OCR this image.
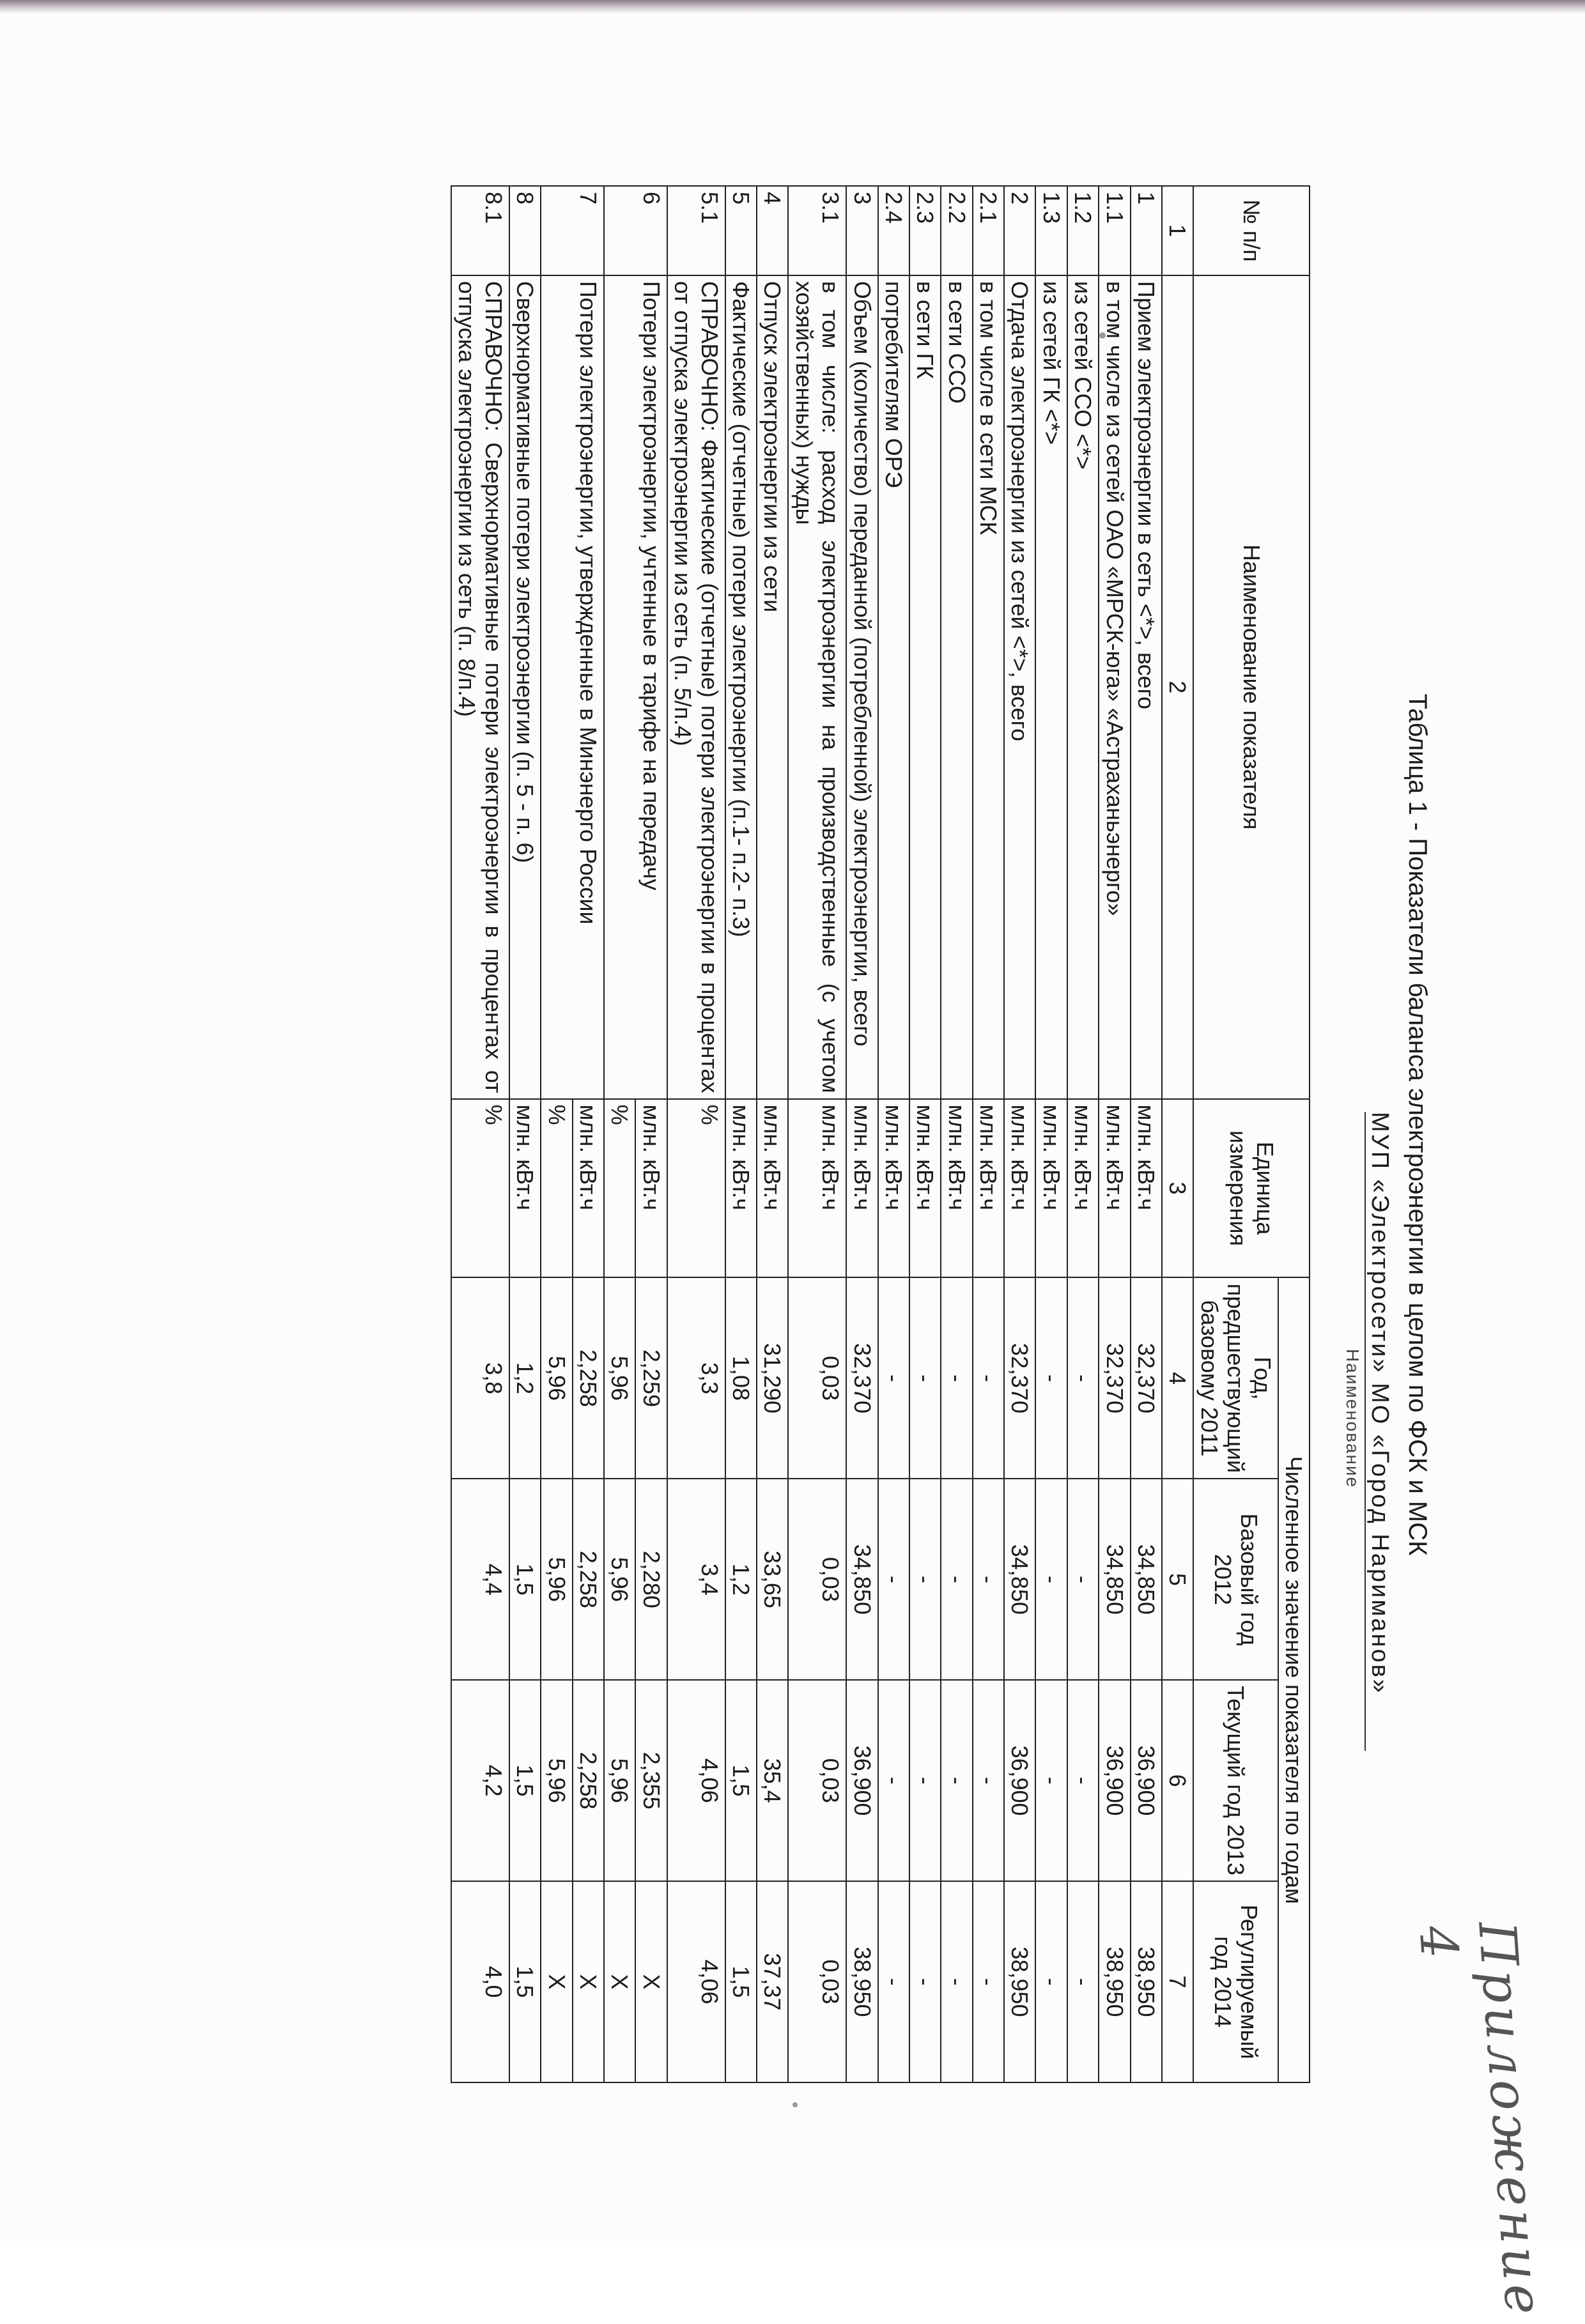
Таблица 1 - Показатели баланса электроэнергии в целом по ФСК и МСК
МУП «Электросети» МО «Город Нариманов»
Наименование
Приложение 4
№ п/п	Наименование показателя	Единица измерения	Численное значение показателя по годам			
			Год, предшествующий базовому 2011	Базовый год 2012	Текущий год 2013	Регулируемый год 2014
1	2	3	4	5	6	7
1	Прием электроэнергии в сеть <*>, всего	млн. кВт.ч	32,370	34,850	36,900	38,950
1.1	в том числе из сетей ОАО «МРСК-юга» «Астраханьэнерго»	млн. кВт.ч	32,370	34,850	36,900	38,950
1.2	из сетей ССО <*>	млн. кВт.ч	-	-	-	-
1.3	из сетей ГК <*>	млн. кВт.ч	-	-	-	-
2	Отдача электроэнергии из сетей <*>, всего	млн. кВт.ч	32,370	34,850	36,900	38,950
2.1	в том числе в сети МСК	млн. кВт.ч	-	-	-	-
2.2	в сети ССО	млн. кВт.ч	-	-	-	-
2.3	в сети ГК	млн. кВт.ч	-	-	-	-
2.4	потребителям ОРЭ	млн. кВт.ч	-	-	-	-
3	Объем (количество) переданной (потребленной) электроэнергии, всего	млн. кВт.ч	32,370	34,850	36,900	38,950
3.1	в том числе: расход электроэнергии на производственные (с учетом хозяйственных) нужды	млн. кВт.ч	0,03	0,03	0,03	0,03
4	Отпуск электроэнергии из сети	млн. кВт.ч	31,290	33,65	35,4	37,37
5	Фактические (отчетные) потери электроэнергии (п.1- п.2- п.3)	млн. кВт.ч	1,08	1,2	1,5	1,5
5.1	СПРАВОЧНО: Фактические (отчетные) потери электроэнергии в процентах от отпуска электроэнергии из сеть (п. 5/п.4)	%	3,3	3,4	4,06	4,06
6	Потери электроэнергии, учтенные в тарифе на передачу	млн. кВт.ч	2,259	2,280	2,355	Х
		%	5,96	5,96	5,96	Х
7	Потери электроэнергии, утвержденные в Минэнерго России	млн. кВт.ч	2,258	2,258	2,258	Х
		%	5,96	5,96	5,96	Х
8	Сверхнормативные потери электроэнергии (п. 5 - п. 6)	млн. кВт.ч	1,2	1,5	1,5	1,5
8.1	СПРАВОЧНО: Сверхнормативные потери электроэнергии в процентах от отпуска электроэнергии из сеть (п. 8/п.4)	%	3,8	4,4	4,2	4,0
